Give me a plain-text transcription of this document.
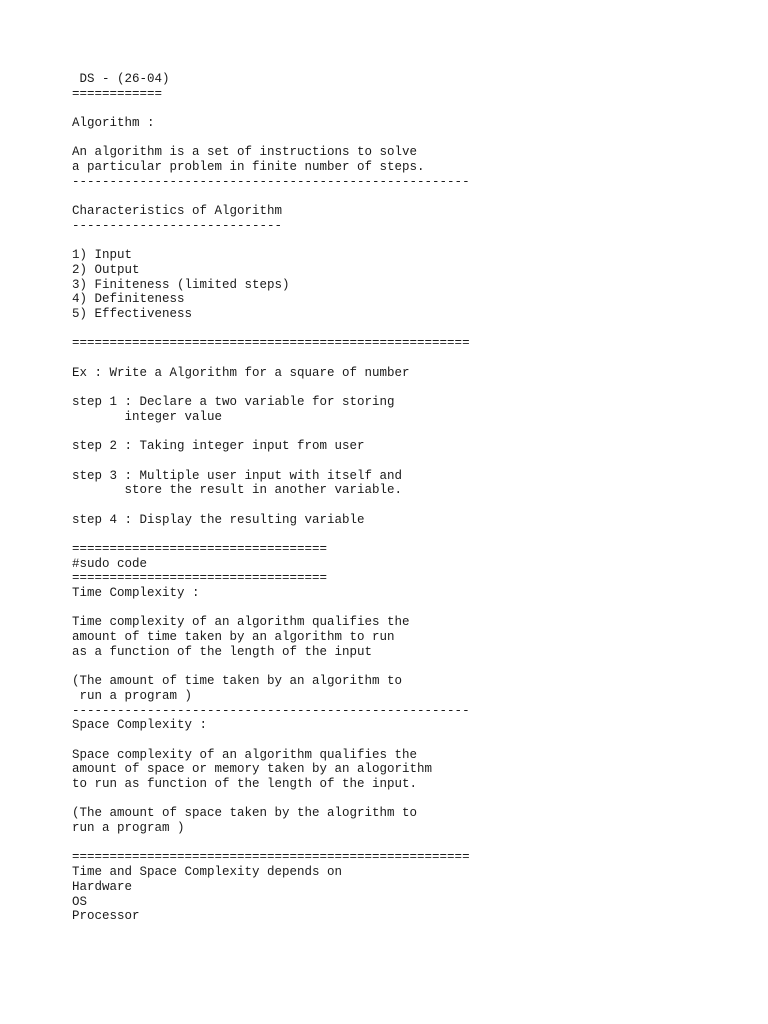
DS - (26-04)
============
Algorithm :
An algorithm is a set of instructions to solve
a particular problem in finite number of steps.
-----------------------------------------------------
Characteristics of Algorithm
----------------------------
1) Input
2) Output
3) Finiteness (limited steps)
4) Definiteness
5) Effectiveness
=====================================================
Ex : Write a Algorithm for a square of number
step 1 : Declare a two variable for storing
integer value
step 2 : Taking integer input from user
step 3 : Multiple user input with itself and
store the result in another variable.
step 4 : Display the resulting variable
==================================
#sudo code
==================================
Time Complexity :
Time complexity of an algorithm qualifies the
amount of time taken by an algorithm to run
as a function of the length of the input
(The amount of time taken by an algorithm to
run a program )
-----------------------------------------------------
Space Complexity :
Space complexity of an algorithm qualifies the
amount of space or memory taken by an alogorithm
to run as function of the length of the input.
(The amount of space taken by the alogrithm to
run a program )
=====================================================
Time and Space Complexity depends on
Hardware
OS
Processor
